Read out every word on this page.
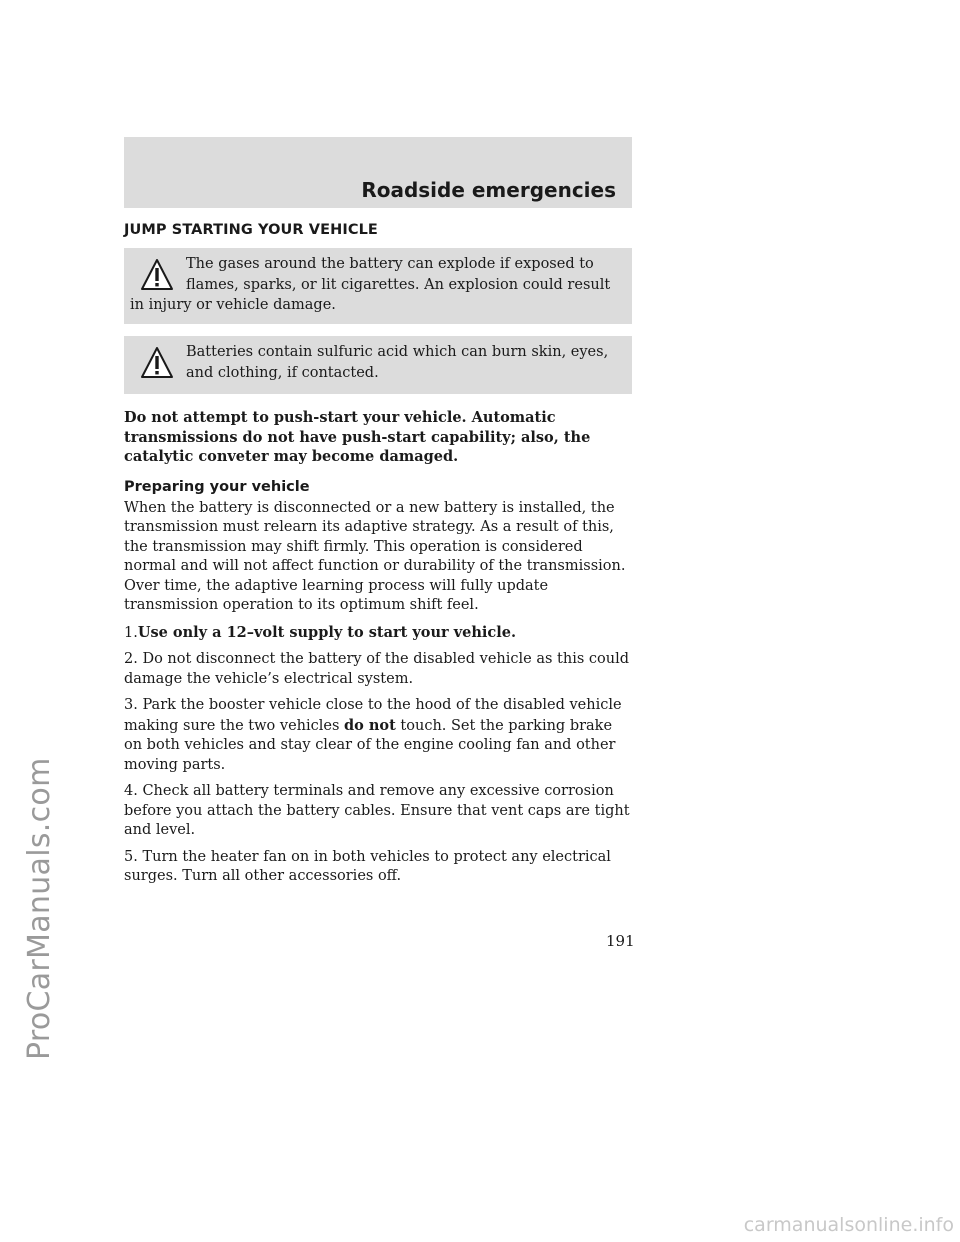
Roadside emergencies
JUMP STARTING YOUR VEHICLE

The gases around the battery can explode if exposed to flames, sparks, or lit cigarettes. An explosion could result in injury or vehicle damage.

Batteries contain sulfuric acid which can burn skin, eyes, and clothing, if contacted.

Do not attempt to push-start your vehicle. Automatic transmissions do not have push-start capability; also, the catalytic conveter may become damaged.

Preparing your vehicle

When the battery is disconnected or a new battery is installed, the transmission must relearn its adaptive strategy. As a result of this, the transmission may shift firmly. This operation is considered normal and will not affect function or durability of the transmission. Over time, the adaptive learning process will fully update transmission operation to its optimum shift feel.

1.Use only a 12–volt supply to start your vehicle.

2. Do not disconnect the battery of the disabled vehicle as this could damage the vehicle’s electrical system.

3. Park the booster vehicle close to the hood of the disabled vehicle making sure the two vehicles do not touch. Set the parking brake on both vehicles and stay clear of the engine cooling fan and other moving parts.

4. Check all battery terminals and remove any excessive corrosion before you attach the battery cables. Ensure that vent caps are tight and level.

5. Turn the heater fan on in both vehicles to protect any electrical surges. Turn all other accessories off.

191

ProCarManuals.com

carmanualsonline.info
